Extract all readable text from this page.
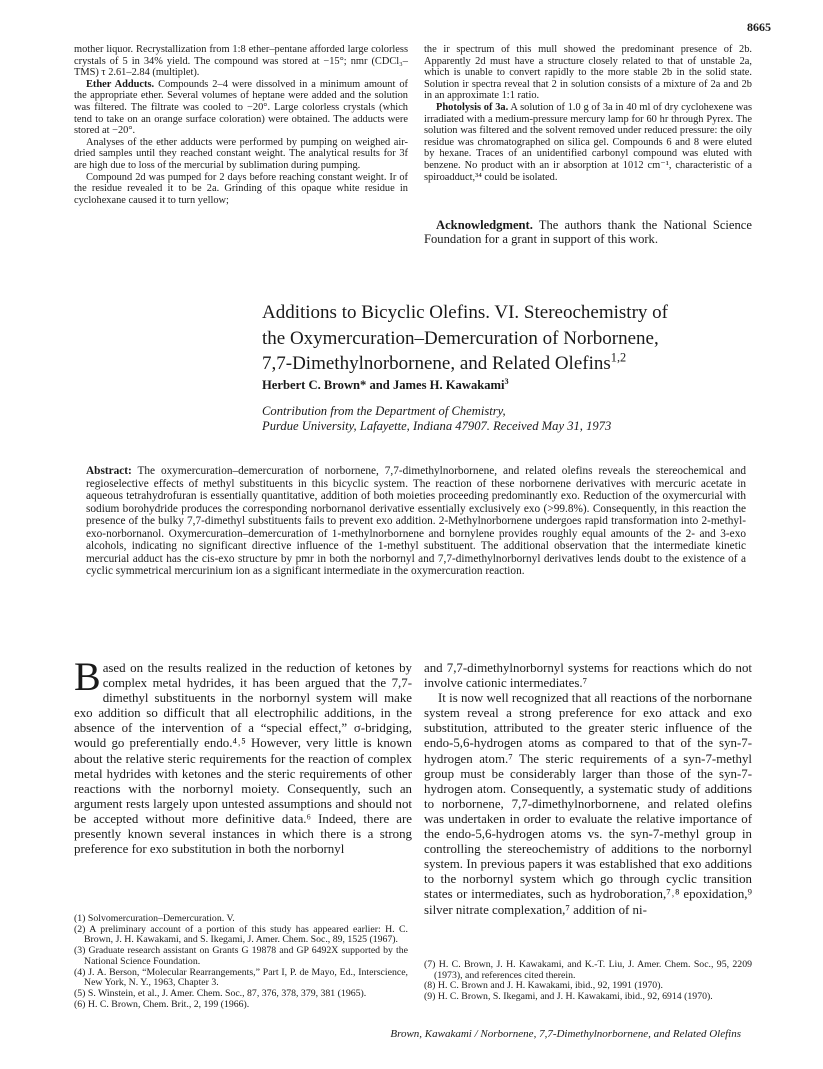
8665

mother liquor. Recrystallization from 1:8 ether–pentane afforded large colorless crystals of 5 in 34% yield. The compound was stored at −15°; nmr (CDCl₃–TMS) τ 2.61–2.84 (multiplet).

Ether Adducts. Compounds 2–4 were dissolved in a minimum amount of the appropriate ether. Several volumes of heptane were added and the solution was filtered. The filtrate was cooled to −20°. Large colorless crystals (which tend to take on an orange surface coloration) were obtained. The adducts were stored at −20°.

Analyses of the ether adducts were performed by pumping on weighed air-dried samples until they reached constant weight. The analytical results for 3f are high due to loss of the mercurial by sublimation during pumping.

Compound 2d was pumped for 2 days before reaching constant weight. Ir of the residue revealed it to be 2a. Grinding of this opaque white residue in cyclohexane caused it to turn yellow;

the ir spectrum of this mull showed the predominant presence of 2b. Apparently 2d must have a structure closely related to that of unstable 2a, which is unable to convert rapidly to the more stable 2b in the solid state. Solution ir spectra reveal that 2 in solution consists of a mixture of 2a and 2b in an approximate 1:1 ratio.

Photolysis of 3a. A solution of 1.0 g of 3a in 40 ml of dry cyclohexene was irradiated with a medium-pressure mercury lamp for 60 hr through Pyrex. The solution was filtered and the solvent removed under reduced pressure: the oily residue was chromatographed on silica gel. Compounds 6 and 8 were eluted by hexane. Traces of an unidentified carbonyl compound was eluted with benzene. No product with an ir absorption at 1012 cm⁻¹, characteristic of a spiroadduct,³⁴ could be isolated.

Acknowledgment. The authors thank the National Science Foundation for a grant in support of this work.
Additions to Bicyclic Olefins. VI. Stereochemistry of
the Oxymercuration–Demercuration of Norbornene,
7,7-Dimethylnorbornene, and Related Olefins$^{1,2}$
Herbert C. Brown* and James H. Kawakami$^3$
Contribution from the Department of Chemistry,
Purdue University, Lafayette, Indiana 47907. Received May 31, 1973
Abstract: The oxymercuration–demercuration of norbornene, 7,7-dimethylnorbornene, and related olefins reveals the stereochemical and regioselective effects of methyl substituents in this bicyclic system. The reaction of these norbornene derivatives with mercuric acetate in aqueous tetrahydrofuran is essentially quantitative, addition of both moieties proceeding predominantly exo. Reduction of the oxymercurial with sodium borohydride produces the corresponding norbornanol derivative essentially exclusively exo (>99.8%). Consequently, in this reaction the presence of the bulky 7,7-dimethyl substituents fails to prevent exo addition. 2-Methylnorbornene undergoes rapid transformation into 2-methyl-exo-norbornanol. Oxymercuration–demercuration of 1-methylnorbornene and bornylene provides roughly equal amounts of the 2- and 3-exo alcohols, indicating no significant directive influence of the 1-methyl substituent. The additional observation that the intermediate kinetic mercurial adduct has the cis-exo structure by pmr in both the norbornyl and 7,7-dimethylnorbornyl derivatives lends doubt to the existence of a cyclic symmetrical mercurinium ion as a significant intermediate in the oxymercuration reaction.

Based on the results realized in the reduction of ketones by complex metal hydrides, it has been argued that the 7,7-dimethyl substituents in the norbornyl system will make exo addition so difficult that all electrophilic additions, in the absence of the intervention of a “special effect,” σ-bridging, would go preferentially endo.⁴˒⁵ However, very little is known about the relative steric requirements for the reaction of complex metal hydrides with ketones and the steric requirements of other reactions with the norbornyl moiety. Consequently, such an argument rests largely upon untested assumptions and should not be accepted without more definitive data.⁶ Indeed, there are presently known several instances in which there is a strong preference for exo substitution in both the norbornyl

and 7,7-dimethylnorbornyl systems for reactions which do not involve cationic intermediates.⁷

It is now well recognized that all reactions of the norbornane system reveal a strong preference for exo attack and exo substitution, attributed to the greater steric influence of the endo-5,6-hydrogen atoms as compared to that of the syn-7-hydrogen atom.⁷ The steric requirements of a syn-7-methyl group must be considerably larger than those of the syn-7-hydrogen atom. Consequently, a systematic study of additions to norbornene, 7,7-dimethylnorbornene, and related olefins was undertaken in order to evaluate the relative importance of the endo-5,6-hydrogen atoms vs. the syn-7-methyl group in controlling the stereochemistry of additions to the norbornyl system. In previous papers it was established that exo additions to the norbornyl system which go through cyclic transition states or intermediates, such as hydroboration,⁷˒⁸ epoxidation,⁹ silver nitrate complexation,⁷ addition of ni-

(1) Solvomercuration–Demercuration. V.

(2) A preliminary account of a portion of this study has appeared earlier: H. C. Brown, J. H. Kawakami, and S. Ikegami, J. Amer. Chem. Soc., 89, 1525 (1967).

(3) Graduate research assistant on Grants G 19878 and GP 6492X supported by the National Science Foundation.

(4) J. A. Berson, “Molecular Rearrangements,” Part I, P. de Mayo, Ed., Interscience, New York, N. Y., 1963, Chapter 3.

(5) S. Winstein, et al., J. Amer. Chem. Soc., 87, 376, 378, 379, 381 (1965).

(6) H. C. Brown, Chem. Brit., 2, 199 (1966).

(7) H. C. Brown, J. H. Kawakami, and K.-T. Liu, J. Amer. Chem. Soc., 95, 2209 (1973), and references cited therein.

(8) H. C. Brown and J. H. Kawakami, ibid., 92, 1991 (1970).

(9) H. C. Brown, S. Ikegami, and J. H. Kawakami, ibid., 92, 6914 (1970).

Brown, Kawakami / Norbornene, 7,7-Dimethylnorbornene, and Related Olefins
